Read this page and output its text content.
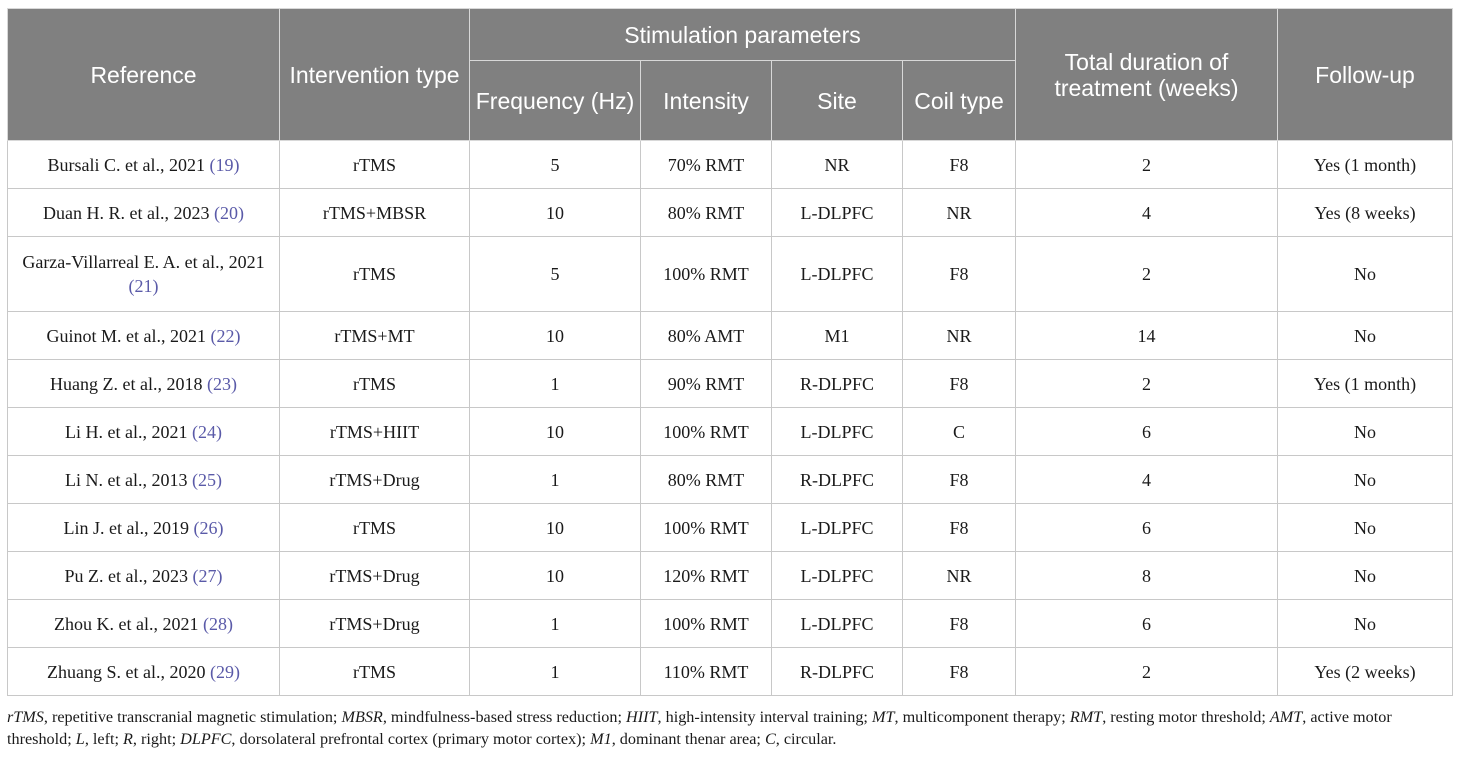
Reference	Intervention type	Stimulation parameters				Total duration of treatment (weeks)	Follow-up
		Frequency (Hz)	Intensity	Site	Coil type		
Bursali C. et al., 2021 (19)	rTMS	5	70% RMT	NR	F8	2	Yes (1 month)
Duan H. R. et al., 2023 (20)	rTMS+MBSR	10	80% RMT	L-DLPFC	NR	4	Yes (8 weeks)
Garza-Villarreal E. A. et al., 2021 (21)	rTMS	5	100% RMT	L-DLPFC	F8	2	No
Guinot M. et al., 2021 (22)	rTMS+MT	10	80% AMT	M1	NR	14	No
Huang Z. et al., 2018 (23)	rTMS	1	90% RMT	R-DLPFC	F8	2	Yes (1 month)
Li H. et al., 2021 (24)	rTMS+HIIT	10	100% RMT	L-DLPFC	C	6	No
Li N. et al., 2013 (25)	rTMS+Drug	1	80% RMT	R-DLPFC	F8	4	No
Lin J. et al., 2019 (26)	rTMS	10	100% RMT	L-DLPFC	F8	6	No
Pu Z. et al., 2023 (27)	rTMS+Drug	10	120% RMT	L-DLPFC	NR	8	No
Zhou K. et al., 2021 (28)	rTMS+Drug	1	100% RMT	L-DLPFC	F8	6	No
Zhuang S. et al., 2020 (29)	rTMS	1	110% RMT	R-DLPFC	F8	2	Yes (2 weeks)

rTMS, repetitive transcranial magnetic stimulation; MBSR, mindfulness-based stress reduction; HIIT, high-intensity interval training; MT, multicomponent therapy; RMT, resting motor threshold; AMT, active motor threshold; L, left; R, right; DLPFC, dorsolateral prefrontal cortex (primary motor cortex); M1, dominant thenar area; C, circular.
